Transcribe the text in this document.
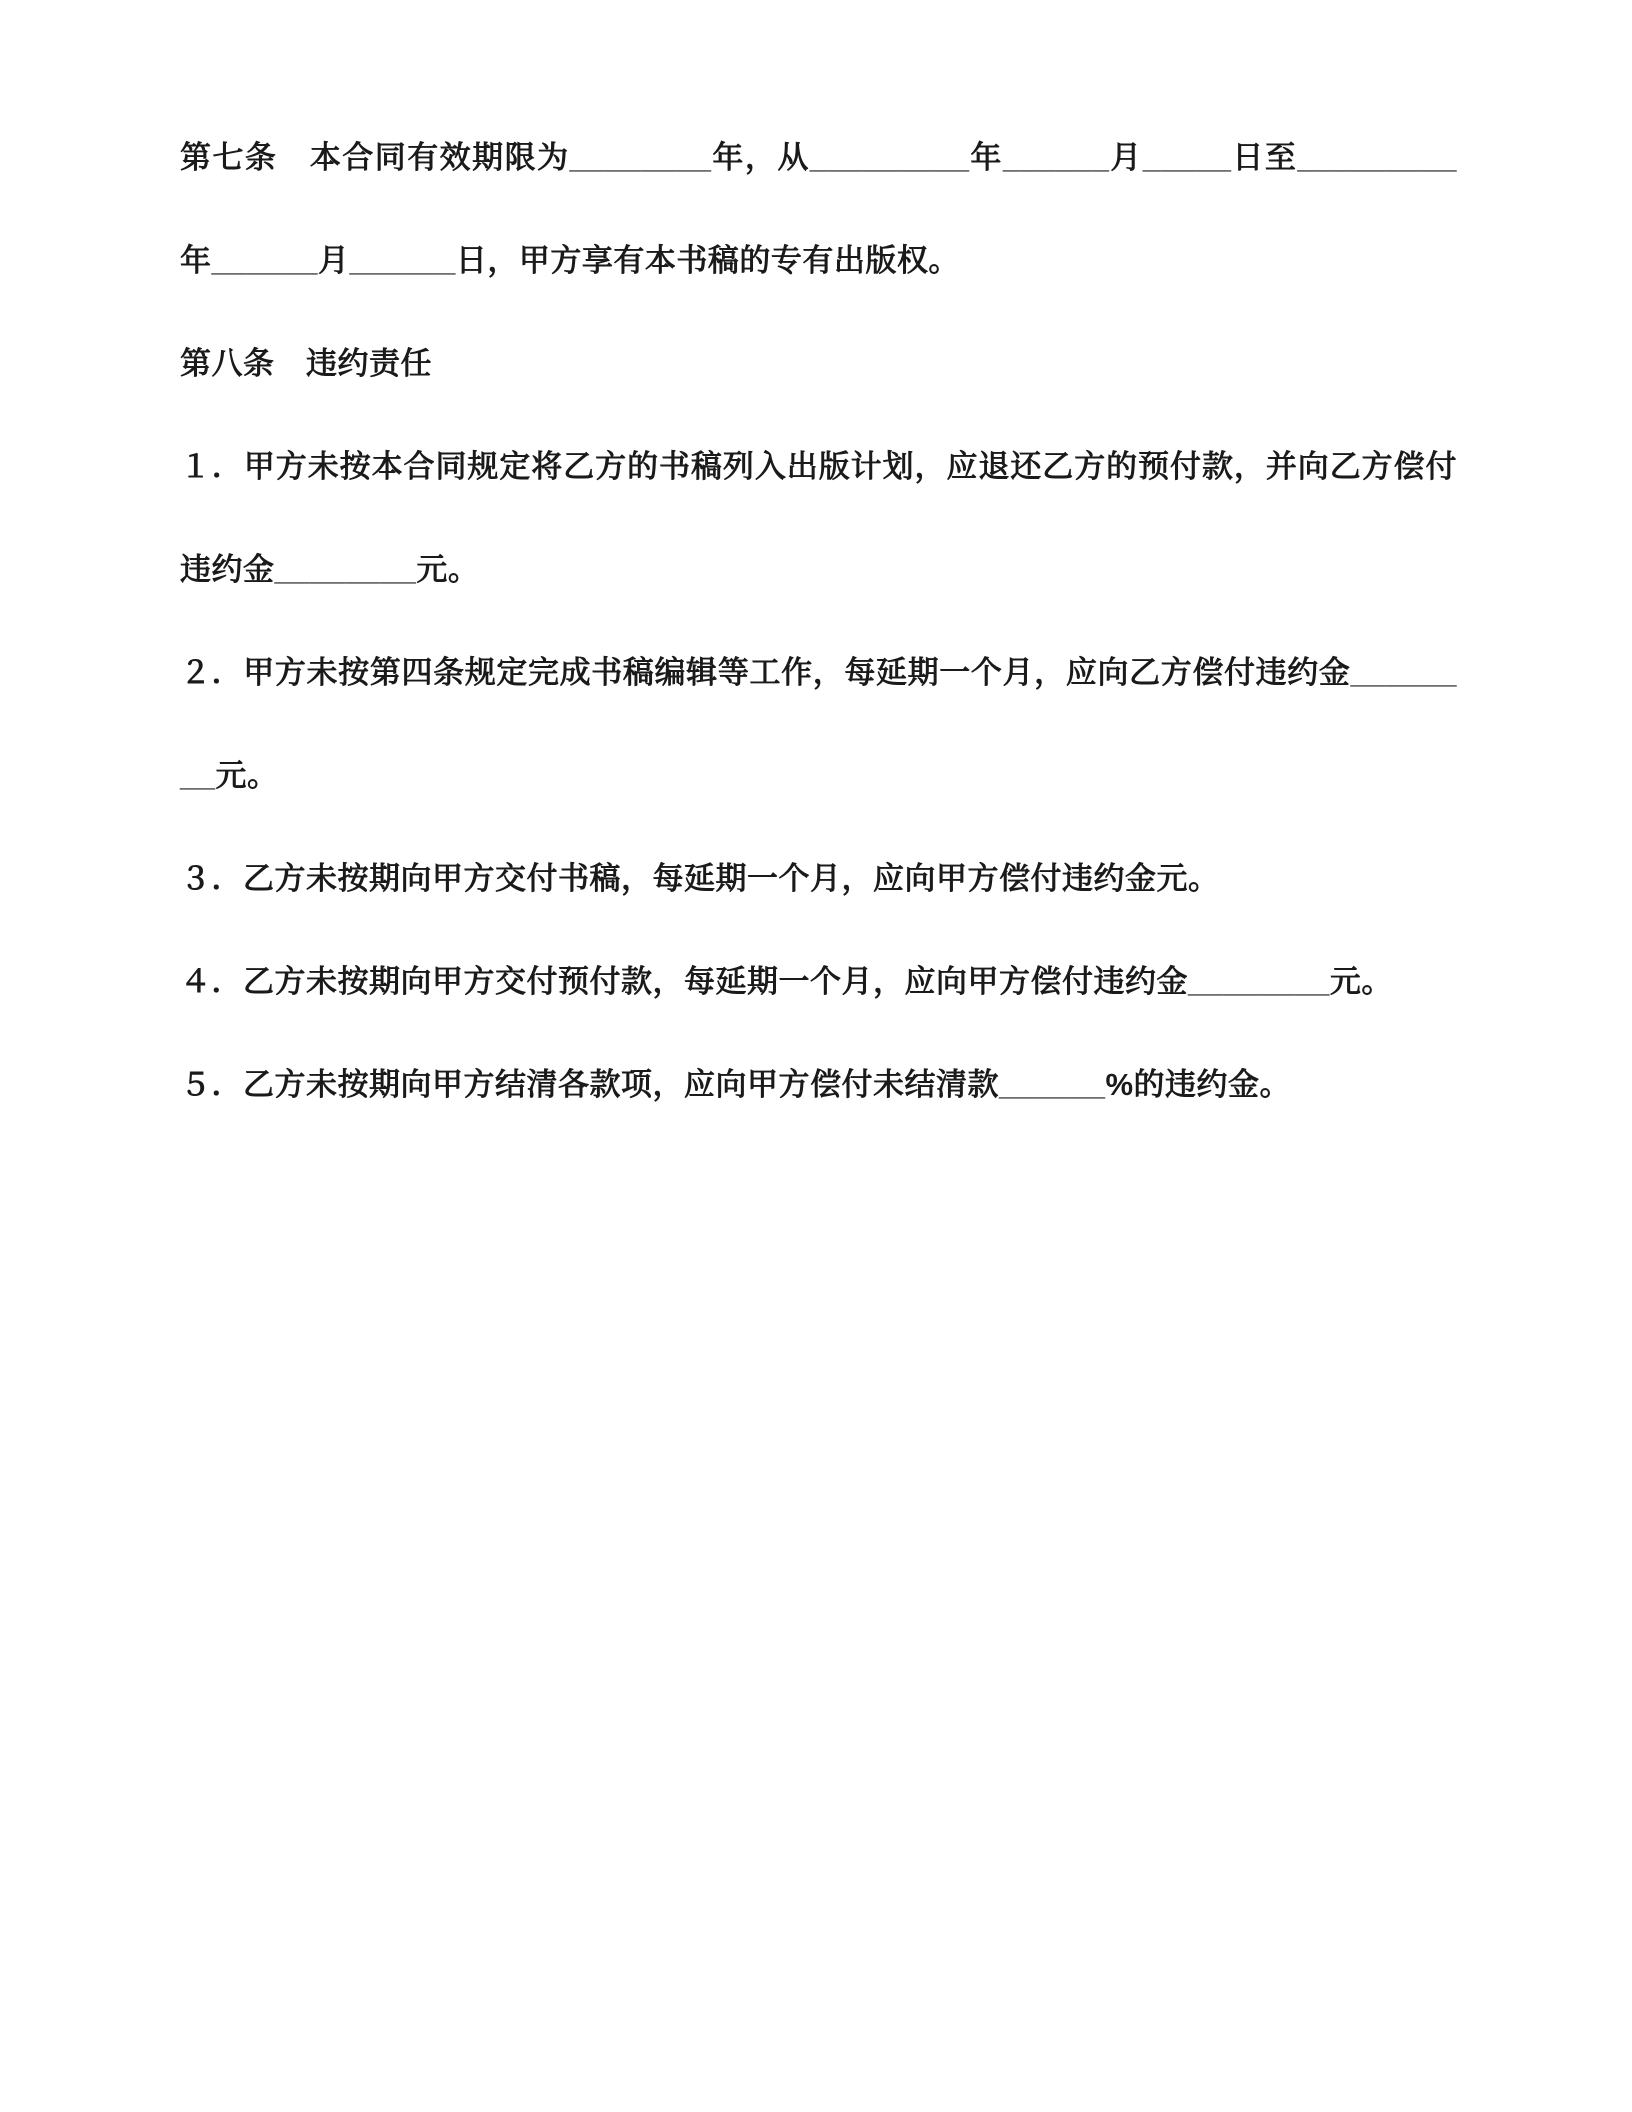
第七条　本合同有效期限为________年，从_________年______月_____日至_________年______月______日，甲方享有本书稿的专有出版权。

第八条　违约责任

１．甲方未按本合同规定将乙方的书稿列入出版计划，应退还乙方的预付款，并向乙方偿付违约金________元。

２．甲方未按第四条规定完成书稿编辑等工作，每延期一个月，应向乙方偿付违约金________元。

３．乙方未按期向甲方交付书稿，每延期一个月，应向甲方偿付违约金元。

４．乙方未按期向甲方交付预付款，每延期一个月，应向甲方偿付违约金________元。

５．乙方未按期向甲方结清各款项，应向甲方偿付未结清款______%的违约金。
